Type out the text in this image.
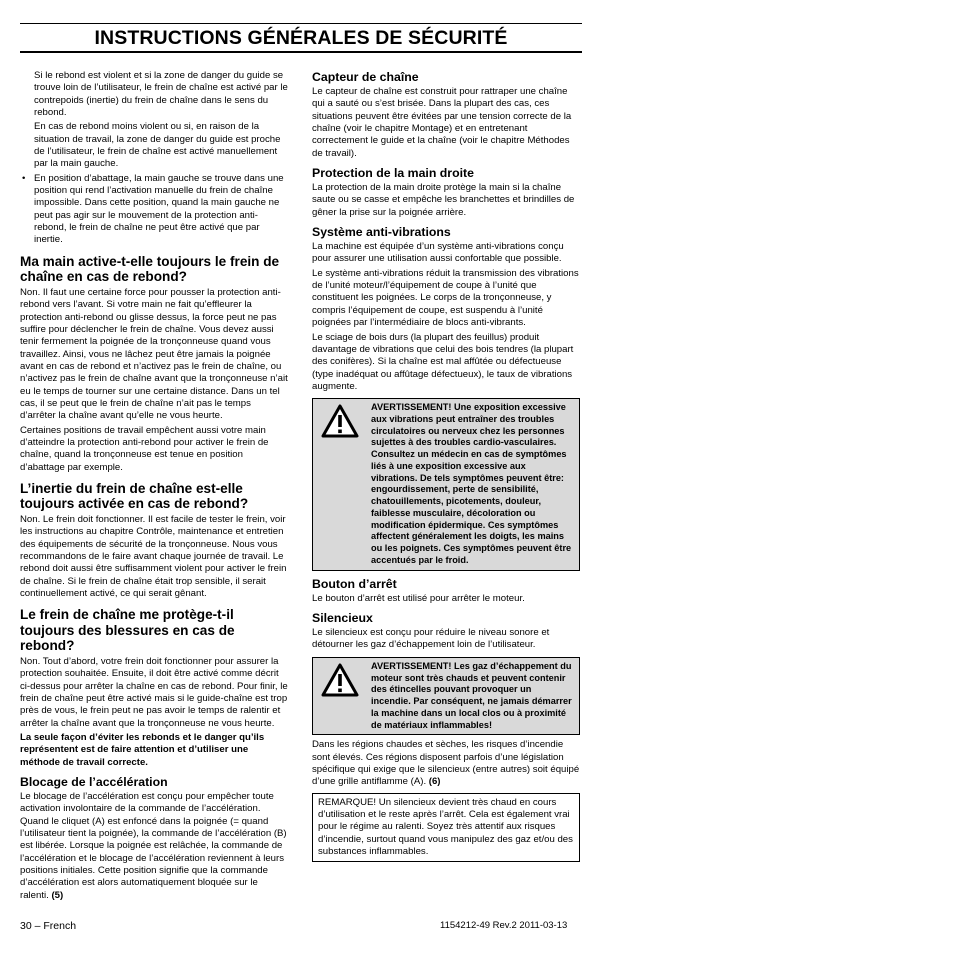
INSTRUCTIONS GÉNÉRALES DE SÉCURITÉ

Si le rebond est violent et si la zone de danger du guide se trouve loin de l’utilisateur, le frein de chaîne est activé par le contrepoids (inertie) du frein de chaîne dans le sens du rebond.

En cas de rebond moins violent ou si, en raison de la situation de travail, la zone de danger du guide est proche de l’utilisateur, le frein de chaîne est activé manuellement par la main gauche.

• En position d’abattage, la main gauche se trouve dans une position qui rend l’activation manuelle du frein de chaîne impossible. Dans cette position, quand la main gauche ne peut pas agir sur le mouvement de la protection anti-rebond, le frein de chaîne ne peut être activé que par inertie.
Ma main active-t-elle toujours le frein de chaîne en cas de rebond?

Non. Il faut une certaine force pour pousser la protection anti-rebond vers l’avant. Si votre main ne fait qu’effleurer la protection anti-rebond ou glisse dessus, la force peut ne pas suffire pour déclencher le frein de chaîne. Vous devez aussi tenir fermement la poignée de la tronçonneuse quand vous travaillez. Ainsi, vous ne lâchez peut être jamais la poignée avant en cas de rebond et n’activez pas le frein de chaîne, ou n’activez pas le frein de chaîne avant que la tronçonneuse n’ait eu le temps de tourner sur une certaine distance. Dans un tel cas, il se peut que le frein de chaîne n’ait pas le temps d’arrêter la chaîne avant qu’elle ne vous heurte.

Certaines positions de travail empêchent aussi votre main d’atteindre la protection anti-rebond pour activer le frein de chaîne, quand la tronçonneuse est tenue en position d’abattage par exemple.

L’inertie du frein de chaîne est-elle toujours activée en cas de rebond?

Non. Le frein doit fonctionner. Il est facile de tester le frein, voir les instructions au chapitre Contrôle, maintenance et entretien des équipements de sécurité de la tronçonneuse. Nous vous recommandons de le faire avant chaque journée de travail. Le rebond doit aussi être suffisamment violent pour activer le frein de chaîne. Si le frein de chaîne était trop sensible, il serait continuellement activé, ce qui serait gênant.

Le frein de chaîne me protège-t-il toujours des blessures en cas de rebond?

Non. Tout d’abord, votre frein doit fonctionner pour assurer la protection souhaitée. Ensuite, il doit être activé comme décrit ci-dessus pour arrêter la chaîne en cas de rebond. Pour finir, le frein de chaîne peut être activé mais si le guide-chaîne est trop près de vous, le frein peut ne pas avoir le temps de ralentir et arrêter la chaîne avant que la tronçonneuse ne vous heurte.

La seule façon d’éviter les rebonds et le danger qu’ils représentent est de faire attention et d’utiliser une méthode de travail correcte.

Blocage de l’accélération

Le blocage de l’accélération est conçu pour empêcher toute activation involontaire de la commande de l’accélération. Quand le cliquet (A) est enfoncé dans la poignée (= quand l’utilisateur tient la poignée), la commande de l’accélération (B) est libérée. Lorsque la poignée est relâchée, la commande de l’accélération et le blocage de l’accélération reviennent à leurs positions initiales. Cette position signifie que la commande d’accélération est alors automatiquement bloquée sur le ralenti. (5)

Capteur de chaîne

Le capteur de chaîne est construit pour rattraper une chaîne qui a sauté ou s’est brisée. Dans la plupart des cas, ces situations peuvent être évitées par une tension correcte de la chaîne (voir le chapitre Montage) et en entretenant correctement le guide et la chaîne (voir le chapitre Méthodes de travail).

Protection de la main droite

La protection de la main droite protège la main si la chaîne saute ou se casse et empêche les branchettes et brindilles de gêner la prise sur la poignée arrière.

Système anti-vibrations

La machine est équipée d’un système anti-vibrations conçu pour assurer une utilisation aussi confortable que possible.

Le système anti-vibrations réduit la transmission des vibrations de l’unité moteur/l’équipement de coupe à l’unité que constituent les poignées. Le corps de la tronçonneuse, y compris l’équipement de coupe, est suspendu à l’unité poignées par l’intermédiaire de blocs anti-vibrants.

Le sciage de bois durs (la plupart des feuillus) produit davantage de vibrations que celui des bois tendres (la plupart des conifères). Si la chaîne est mal affûtée ou défectueuse (type inadéquat ou affûtage défectueux), le taux de vibrations augmente.

AVERTISSEMENT! Une exposition excessive aux vibrations peut entraîner des troubles circulatoires ou nerveux chez les personnes sujettes à des troubles cardio-vasculaires. Consultez un médecin en cas de symptômes liés à une exposition excessive aux vibrations. De tels symptômes peuvent être: engourdissement, perte de sensibilité, chatouillements, picotements, douleur, faiblesse musculaire, décoloration ou modification épidermique. Ces symptômes affectent généralement les doigts, les mains ou les poignets. Ces symptômes peuvent être accentués par le froid.
Bouton d’arrêt

Le bouton d’arrêt est utilisé pour arrêter le moteur.

Silencieux

Le silencieux est conçu pour réduire le niveau sonore et détourner les gaz d’échappement loin de l’utilisateur.

AVERTISSEMENT! Les gaz d’échappement du moteur sont très chauds et peuvent contenir des étincelles pouvant provoquer un incendie. Par conséquent, ne jamais démarrer la machine dans un local clos ou à proximité de matériaux inflammables!

Dans les régions chaudes et sèches, les risques d’incendie sont élevés. Ces régions disposent parfois d’une législation spécifique qui exige que le silencieux (entre autres) soit équipé d’une grille antiflamme (A). (6)

REMARQUE! Un silencieux devient très chaud en cours d’utilisation et le reste après l’arrêt. Cela est également vrai pour le régime au ralenti. Soyez très attentif aux risques d’incendie, surtout quand vous manipulez des gaz et/ou des substances inflammables.
30 – French	1154212-49 Rev.2 2011-03-13
